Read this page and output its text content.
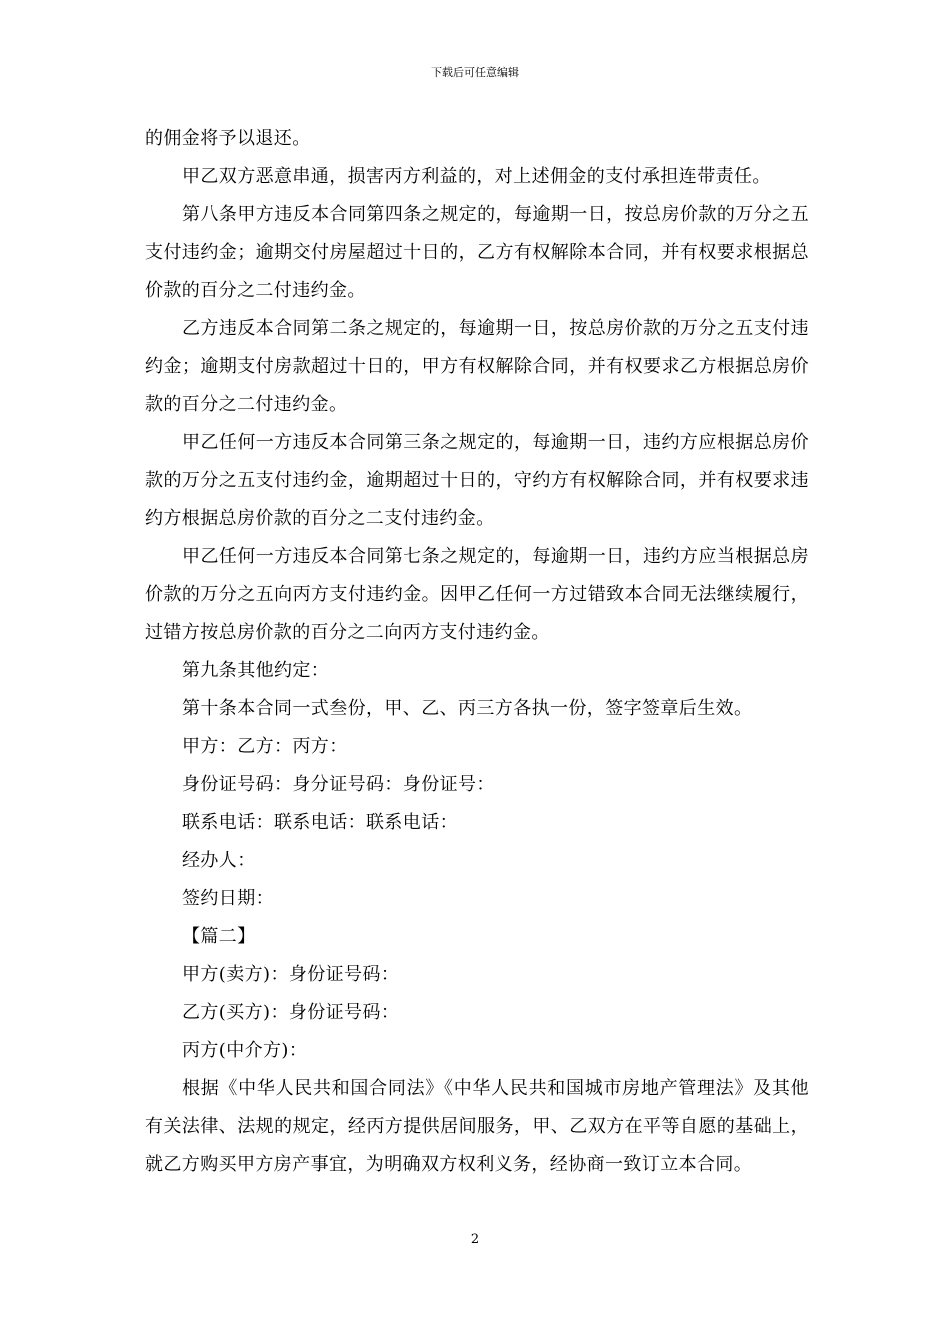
下载后可任意编辑

的佣金将予以退还。

甲乙双方恶意串通，损害丙方利益的，对上述佣金的支付承担连带责任。

第八条甲方违反本合同第四条之规定的，每逾期一日，按总房价款的万分之五支付违约金；逾期交付房屋超过十日的，乙方有权解除本合同，并有权要求根据总价款的百分之二付违约金。

乙方违反本合同第二条之规定的，每逾期一日，按总房价款的万分之五支付违约金；逾期支付房款超过十日的，甲方有权解除合同，并有权要求乙方根据总房价款的百分之二付违约金。

甲乙任何一方违反本合同第三条之规定的，每逾期一日，违约方应根据总房价款的万分之五支付违约金，逾期超过十日的，守约方有权解除合同，并有权要求违约方根据总房价款的百分之二支付违约金。

甲乙任何一方违反本合同第七条之规定的，每逾期一日，违约方应当根据总房价款的万分之五向丙方支付违约金。因甲乙任何一方过错致本合同无法继续履行，过错方按总房价款的百分之二向丙方支付违约金。

第九条其他约定：

第十条本合同一式叁份，甲、乙、丙三方各执一份，签字签章后生效。

甲方：乙方：丙方：

身份证号码：身分证号码：身份证号：

联系电话：联系电话：联系电话：

经办人：

签约日期：

【篇二】

甲方(卖方)：身份证号码：

乙方(买方)：身份证号码：

丙方(中介方)：

根据《中华人民共和国合同法》《中华人民共和国城市房地产管理法》及其他有关法律、法规的规定，经丙方提供居间服务，甲、乙双方在平等自愿的基础上，就乙方购买甲方房产事宜，为明确双方权利义务，经协商一致订立本合同。

2
